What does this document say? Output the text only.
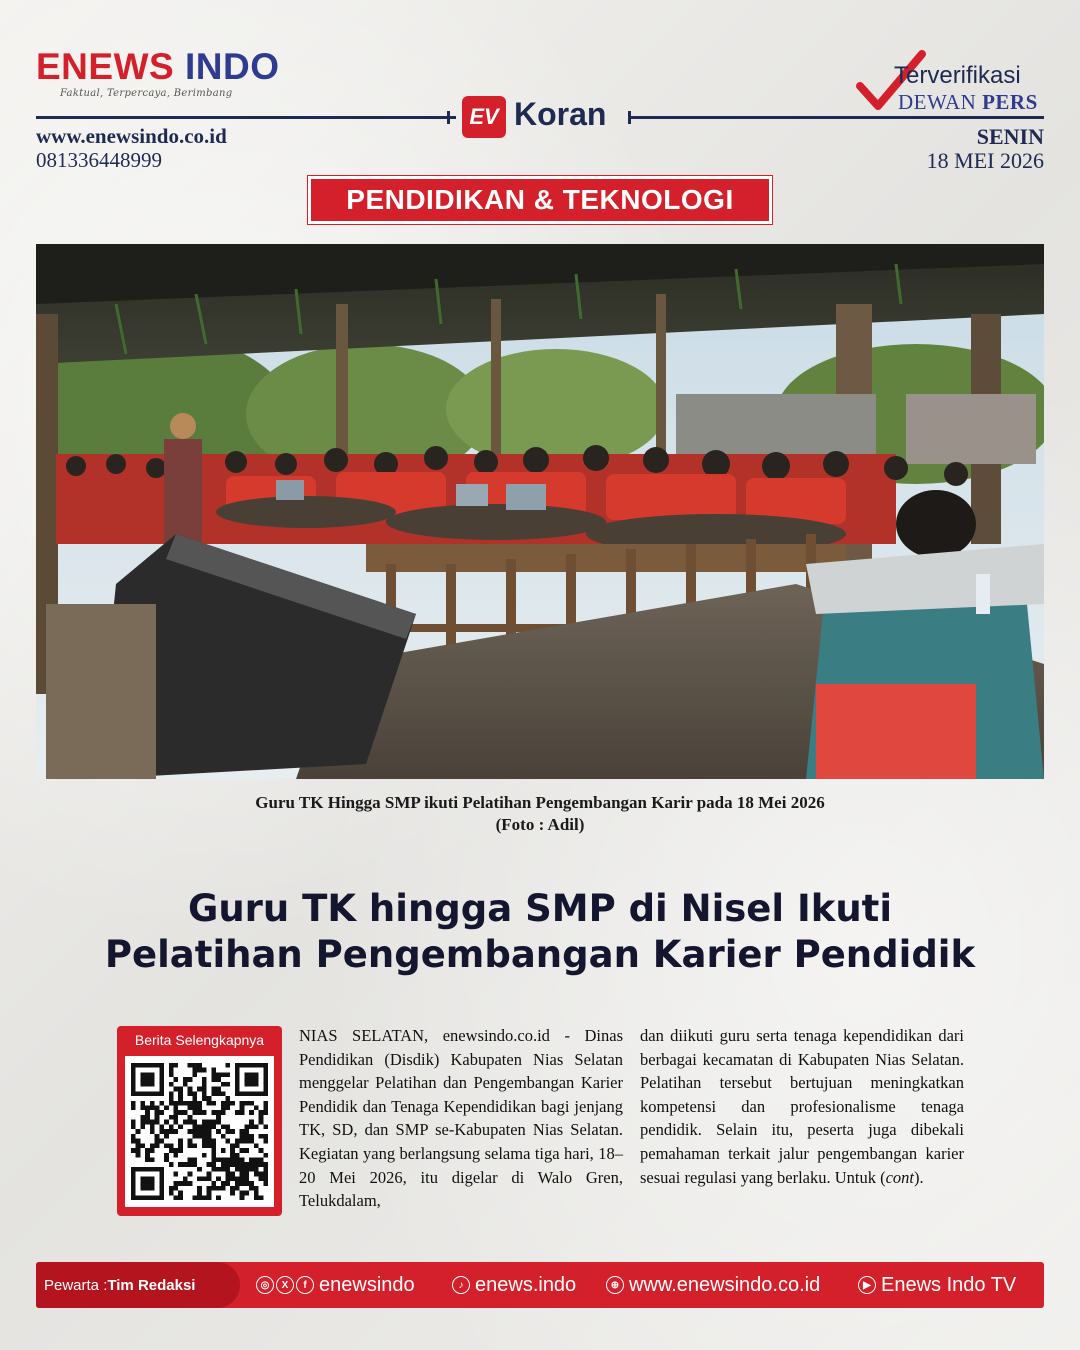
ENEWS INDO
Faktual, Terpercaya, Berimbang
www.enewsindo.co.id
081336448999
EV Koran
Terverifikasi
DEWAN PERS
SENIN
18 MEI 2026
PENDIDIKAN & TEKNOLOGI
Guru TK Hingga SMP ikuti Pelatihan Pengembangan Karir pada 18 Mei 2026
(Foto : Adil)
Guru TK hingga SMP di Nisel Ikuti
Pelatihan Pengembangan Karier Pendidik
Berita Selengkapnya	NIAS SELATAN, enewsindo.co.id - Dinas Pendidikan (Disdik) Kabupaten Nias Selatan menggelar Pelatihan dan Pengembangan Karier Pendidik dan Tenaga Kependidikan bagi jenjang TK, SD, dan SMP se-Kabupaten Nias Selatan. Kegiatan yang berlangsung selama tiga hari, 18–20 Mei 2026, itu digelar di Walo Gren, Telukdalam,
dan diikuti guru serta tenaga kependidikan dari berbagai kecamatan di Kabupaten Nias Selatan. Pelatihan tersebut bertujuan meningkatkan kompetensi dan profesionalisme tenaga pendidik. Selain itu, peserta juga dibekali pemahaman terkait jalur pengembangan karier sesuai regulasi yang berlaku. Untuk (cont).
Pewarta : Tim Redaksi	◎	X	f enewsindo	♪ enews.indo	⊕ www.enewsindo.co.id	▶ Enews Indo TV
